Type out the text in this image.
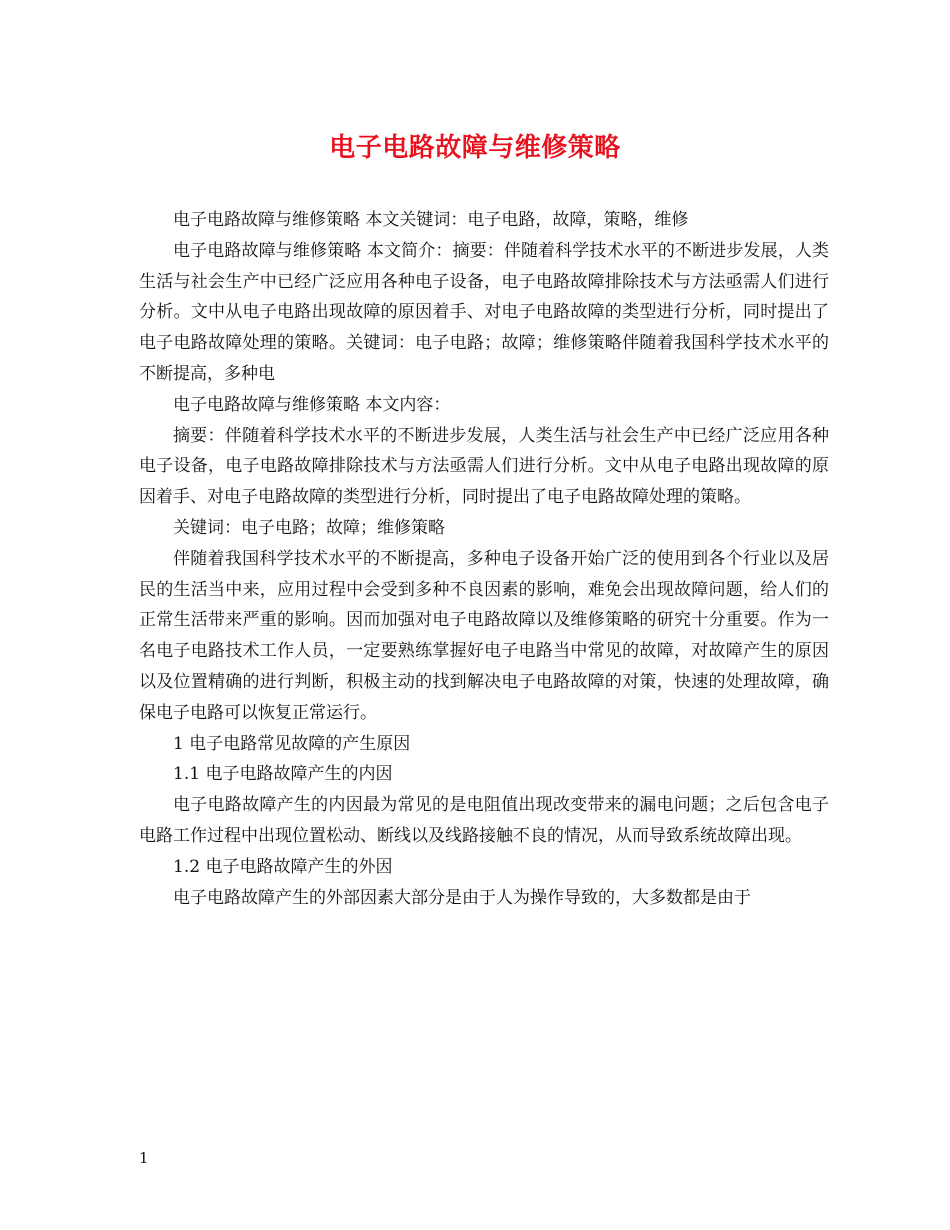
电子电路故障与维修策略

电子电路故障与维修策略 本文关键词：电子电路，故障，策略，维修

电子电路故障与维修策略 本文简介：摘要：伴随着科学技术水平的不断进步发展，人类生活与社会生产中已经广泛应用各种电子设备，电子电路故障排除技术与方法亟需人们进行分析。文中从电子电路出现故障的原因着手、对电子电路故障的类型进行分析，同时提出了电子电路故障处理的策略。关键词：电子电路；故障；维修策略伴随着我国科学技术水平的不断提高，多种电

电子电路故障与维修策略 本文内容：

摘要：伴随着科学技术水平的不断进步发展，人类生活与社会生产中已经广泛应用各种电子设备，电子电路故障排除技术与方法亟需人们进行分析。文中从电子电路出现故障的原因着手、对电子电路故障的类型进行分析，同时提出了电子电路故障处理的策略。

关键词：电子电路；故障；维修策略

伴随着我国科学技术水平的不断提高，多种电子设备开始广泛的使用到各个行业以及居民的生活当中来，应用过程中会受到多种不良因素的影响，难免会出现故障问题，给人们的正常生活带来严重的影响。因而加强对电子电路故障以及维修策略的研究十分重要。作为一名电子电路技术工作人员，一定要熟练掌握好电子电路当中常见的故障，对故障产生的原因以及位置精确的进行判断，积极主动的找到解决电子电路故障的对策，快速的处理故障，确保电子电路可以恢复正常运行。

1 电子电路常见故障的产生原因

1.1 电子电路故障产生的内因

电子电路故障产生的内因最为常见的是电阻值出现改变带来的漏电问题；之后包含电子电路工作过程中出现位置松动、断线以及线路接触不良的情况，从而导致系统故障出现。

1.2 电子电路故障产生的外因

电子电路故障产生的外部因素大部分是由于人为操作导致的，大多数都是由于

1
